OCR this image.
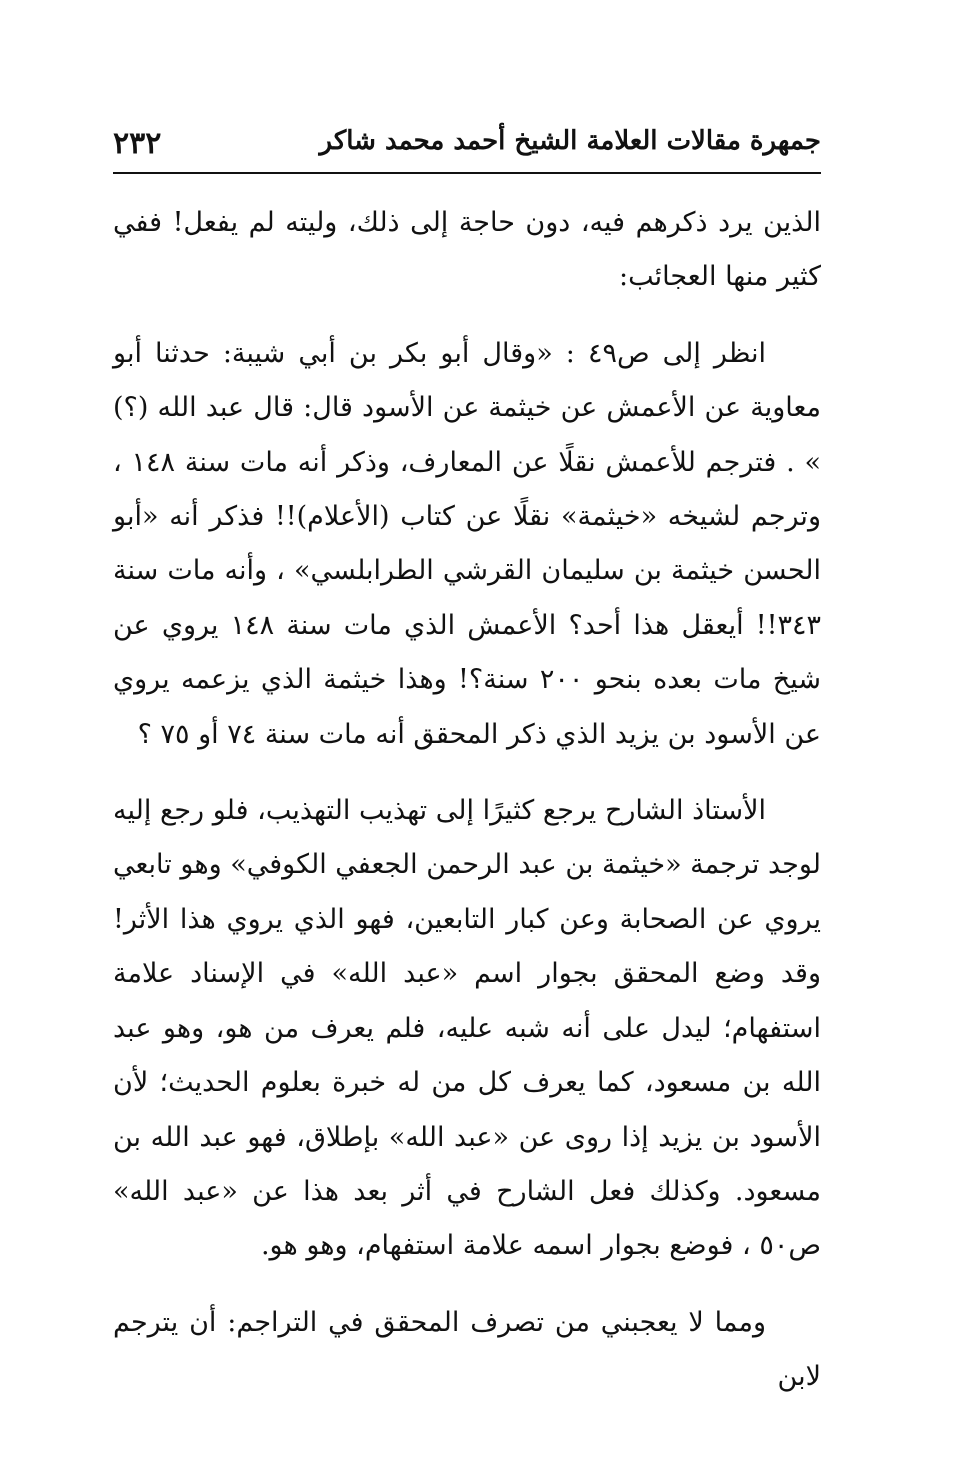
٢٣٢	جمهرة مقالات العلامة الشيخ أحمد محمد شاكر

الذين يرد ذكرهم فيه، دون حاجة إلى ذلك، وليته لم يفعل! ففي كثير منها العجائب:

انظر إلى ص٤٩ : «وقال أبو بكر بن أبي شيبة: حدثنا أبو معاوية عن الأعمش عن خيثمة عن الأسود قال: قال عبد الله (؟) » . فترجم للأعمش نقلًا عن المعارف، وذكر أنه مات سنة ١٤٨ ، وترجم لشيخه «خيثمة» نقلًا عن كتاب (الأعلام)!! فذكر أنه «أبو الحسن خيثمة بن سليمان القرشي الطرابلسي» ، وأنه مات سنة ٣٤٣!! أيعقل هذا أحد؟ الأعمش الذي مات سنة ١٤٨ يروي عن شيخ مات بعده بنحو ٢٠٠ سنة؟! وهذا خيثمة الذي يزعمه يروي عن الأسود بن يزيد الذي ذكر المحقق أنه مات سنة ٧٤ أو ٧٥ ؟

الأستاذ الشارح يرجع كثيرًا إلى تهذيب التهذيب، فلو رجع إليه لوجد ترجمة «خيثمة بن عبد الرحمن الجعفي الكوفي» وهو تابعي يروي عن الصحابة وعن كبار التابعين، فهو الذي يروي هذا الأثر! وقد وضع المحقق بجوار اسم «عبد الله» في الإسناد علامة استفهام؛ ليدل على أنه شبه عليه، فلم يعرف من هو، وهو عبد الله بن مسعود، كما يعرف كل من له خبرة بعلوم الحديث؛ لأن الأسود بن يزيد إذا روى عن «عبد الله» بإطلاق، فهو عبد الله بن مسعود. وكذلك فعل الشارح في أثر بعد هذا عن «عبد الله» ص٥٠ ، فوضع بجوار اسمه علامة استفهام، وهو هو.

ومما لا يعجبني من تصرف المحقق في التراجم: أن يترجم لابن
